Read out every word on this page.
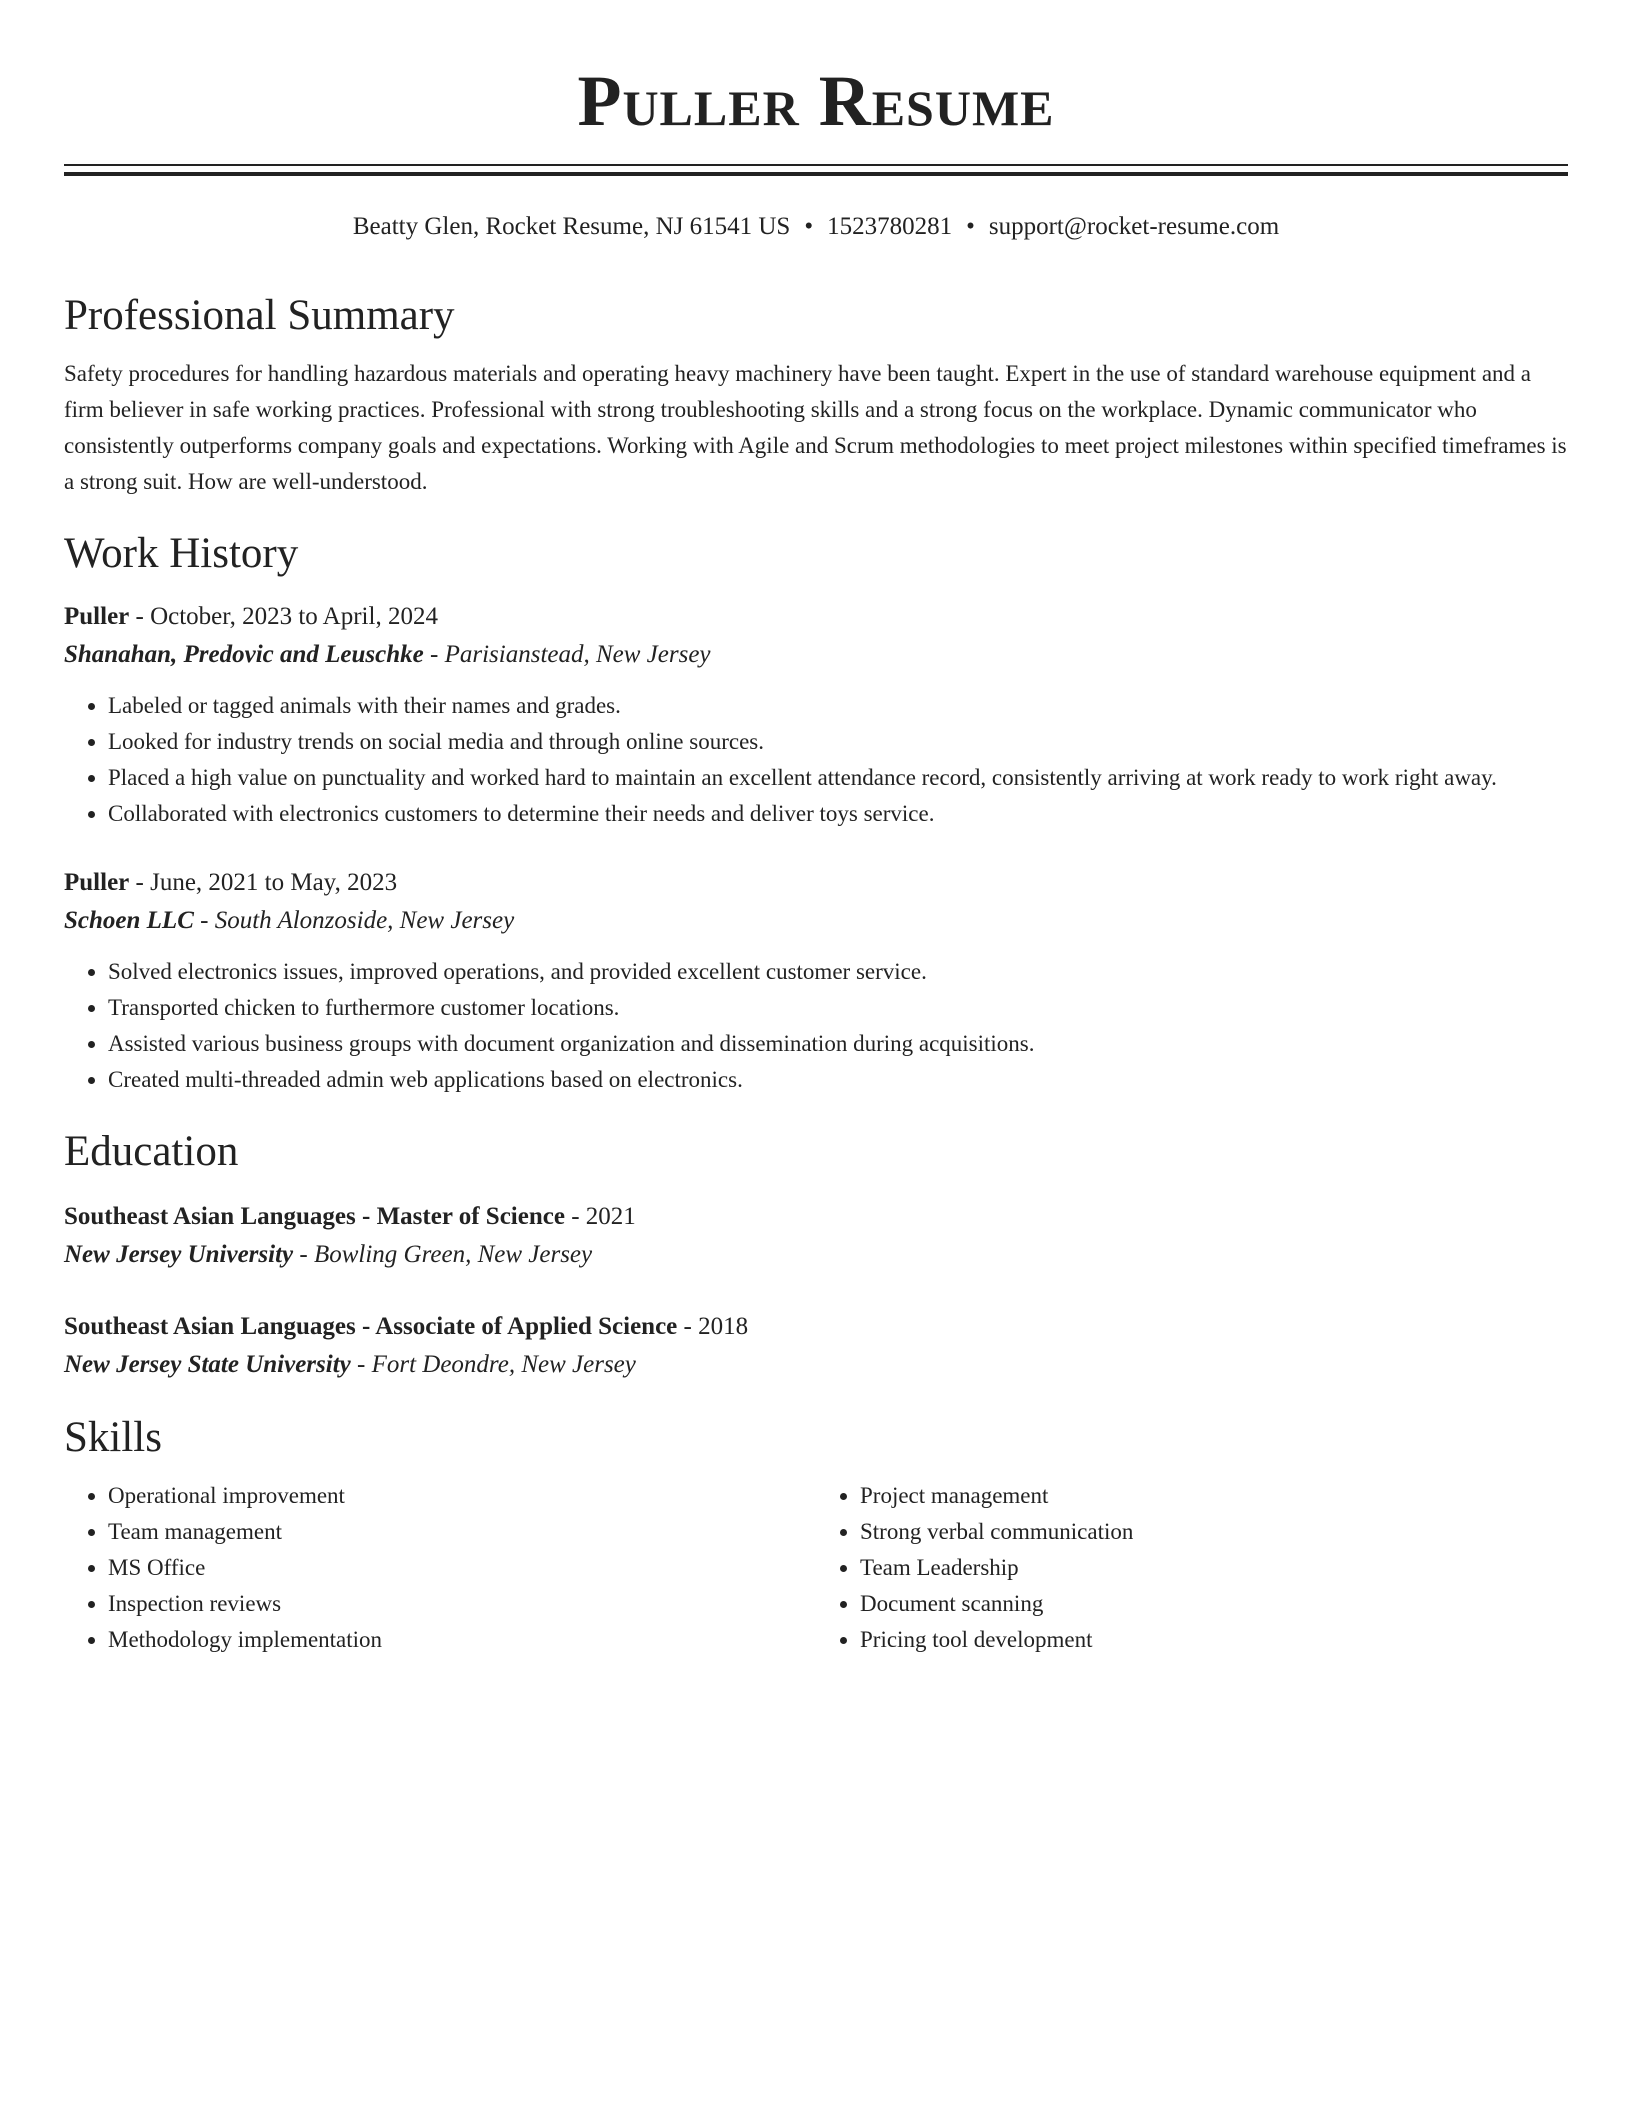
Puller Resume
Beatty Glen, Rocket Resume, NJ 61541 US • 1523780281 • support@rocket-resume.com
Professional Summary

Safety procedures for handling hazardous materials and operating heavy machinery have been taught. Expert in the use of standard warehouse equipment and a firm believer in safe working practices. Professional with strong troubleshooting skills and a strong focus on the workplace. Dynamic communicator who consistently outperforms company goals and expectations. Working with Agile and Scrum methodologies to meet project milestones within specified timeframes is a strong suit. How are well-understood.

Work History
Puller - October, 2023 to April, 2024
Shanahan, Predovic and Leuschke - Parisianstead, New Jersey
• Labeled or tagged animals with their names and grades.
• Looked for industry trends on social media and through online sources.
• Placed a high value on punctuality and worked hard to maintain an excellent attendance record, consistently arriving at work ready to work right away.
• Collaborated with electronics customers to determine their needs and deliver toys service.
Puller - June, 2021 to May, 2023
Schoen LLC - South Alonzoside, New Jersey
• Solved electronics issues, improved operations, and provided excellent customer service.
• Transported chicken to furthermore customer locations.
• Assisted various business groups with document organization and dissemination during acquisitions.
• Created multi-threaded admin web applications based on electronics.
Education
Southeast Asian Languages - Master of Science - 2021
New Jersey University - Bowling Green, New Jersey
Southeast Asian Languages - Associate of Applied Science - 2018
New Jersey State University - Fort Deondre, New Jersey
Skills
• Operational improvement
• Team management
• MS Office
• Inspection reviews
• Methodology implementation
• Project management
• Strong verbal communication
• Team Leadership
• Document scanning
• Pricing tool development
